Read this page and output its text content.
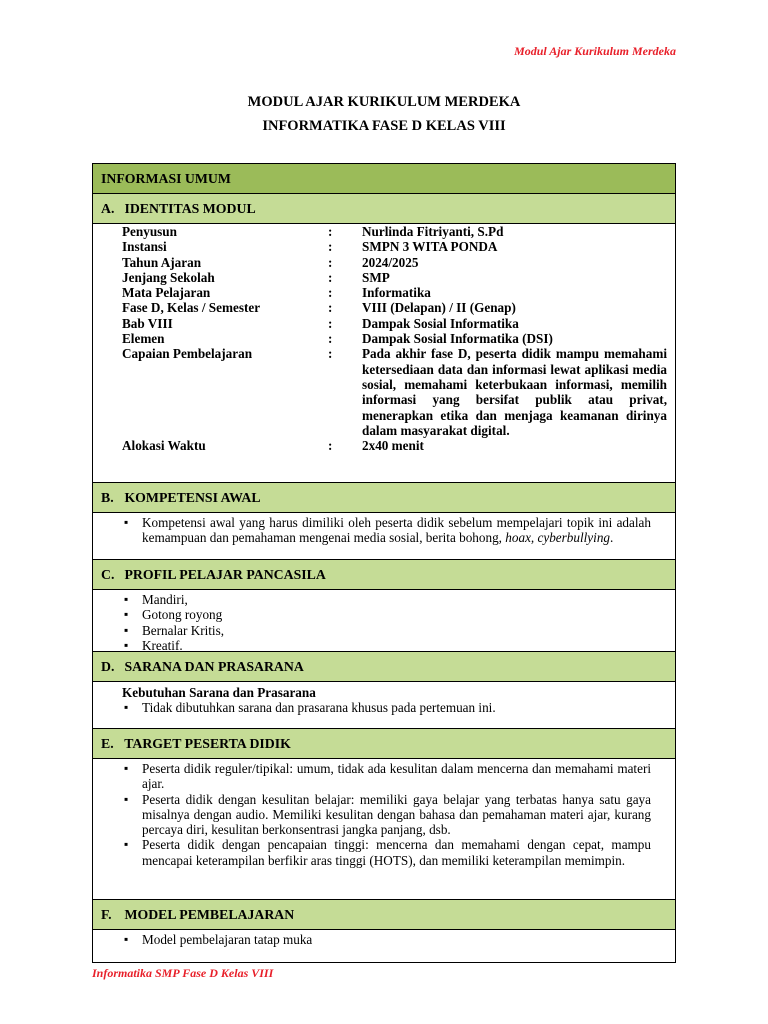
Modul Ajar Kurikulum Merdeka
MODUL AJAR KURIKULUM MERDEKA
INFORMATIKA FASE D KELAS VIII
INFORMASI UMUM
A. IDENTITAS MODUL
Penyusun	:	Nurlinda Fitriyanti, S.Pd
Instansi	:	SMPN 3 WITA PONDA
Tahun Ajaran	:	2024/2025
Jenjang Sekolah	:	SMP
Mata Pelajaran	:	Informatika
Fase D, Kelas / Semester	:	VIII (Delapan) / II (Genap)
Bab VIII	:	Dampak Sosial Informatika
Elemen	:	Dampak Sosial Informatika (DSI)
Capaian Pembelajaran	:	Pada akhir fase D, peserta didik mampu memahami ketersediaan data dan informasi lewat aplikasi media sosial, memahami keterbukaan informasi, memilih informasi yang bersifat publik atau privat, menerapkan etika dan menjaga keamanan dirinya dalam masyarakat digital.
Alokasi Waktu	:	2x40 menit
B. KOMPETENSI AWAL
▪ Kompetensi awal yang harus dimiliki oleh peserta didik sebelum mempelajari topik ini adalah kemampuan dan pemahaman mengenai media sosial, berita bohong, hoax, cyberbullying.
C. PROFIL PELAJAR PANCASILA
▪ Mandiri,
▪ Gotong royong
▪ Bernalar Kritis,
▪ Kreatif.
D. SARANA DAN PRASARANA
Kebutuhan Sarana dan Prasarana
▪ Tidak dibutuhkan sarana dan prasarana khusus pada pertemuan ini.
E. TARGET PESERTA DIDIK
▪ Peserta didik reguler/tipikal: umum, tidak ada kesulitan dalam mencerna dan memahami materi ajar.
▪ Peserta didik dengan kesulitan belajar: memiliki gaya belajar yang terbatas hanya satu gaya misalnya dengan audio. Memiliki kesulitan dengan bahasa dan pemahaman materi ajar, kurang percaya diri, kesulitan berkonsentrasi jangka panjang, dsb.
▪ Peserta didik dengan pencapaian tinggi: mencerna dan memahami dengan cepat, mampu mencapai keterampilan berfikir aras tinggi (HOTS), dan memiliki keterampilan memimpin.
F. MODEL PEMBELAJARAN
▪ Model pembelajaran tatap muka
Informatika SMP Fase D Kelas VIII
